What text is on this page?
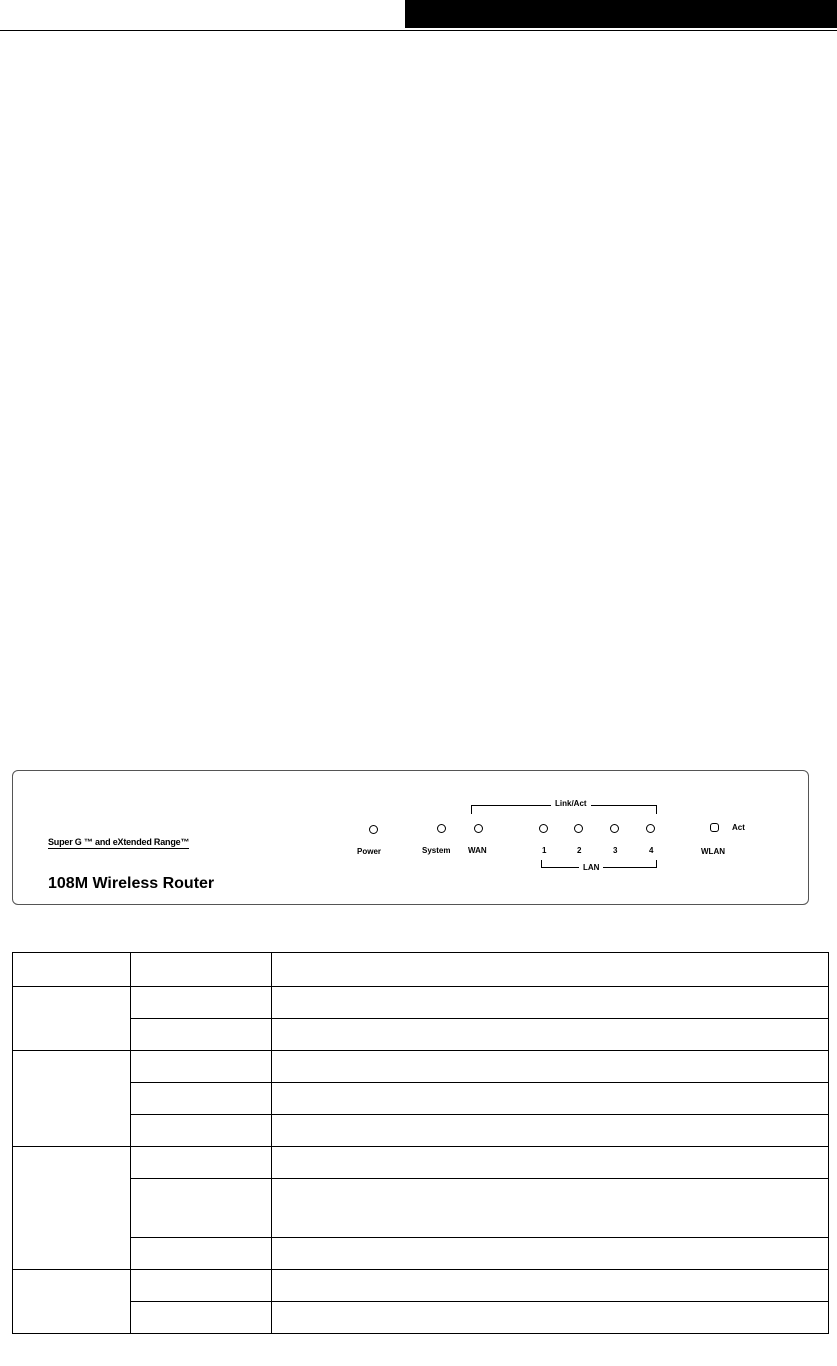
Super G ™ and eXtended Range™
108M Wireless Router
Power	System
Link/Act
WAN	1	2	3	4
LAN
Act
WLAN
